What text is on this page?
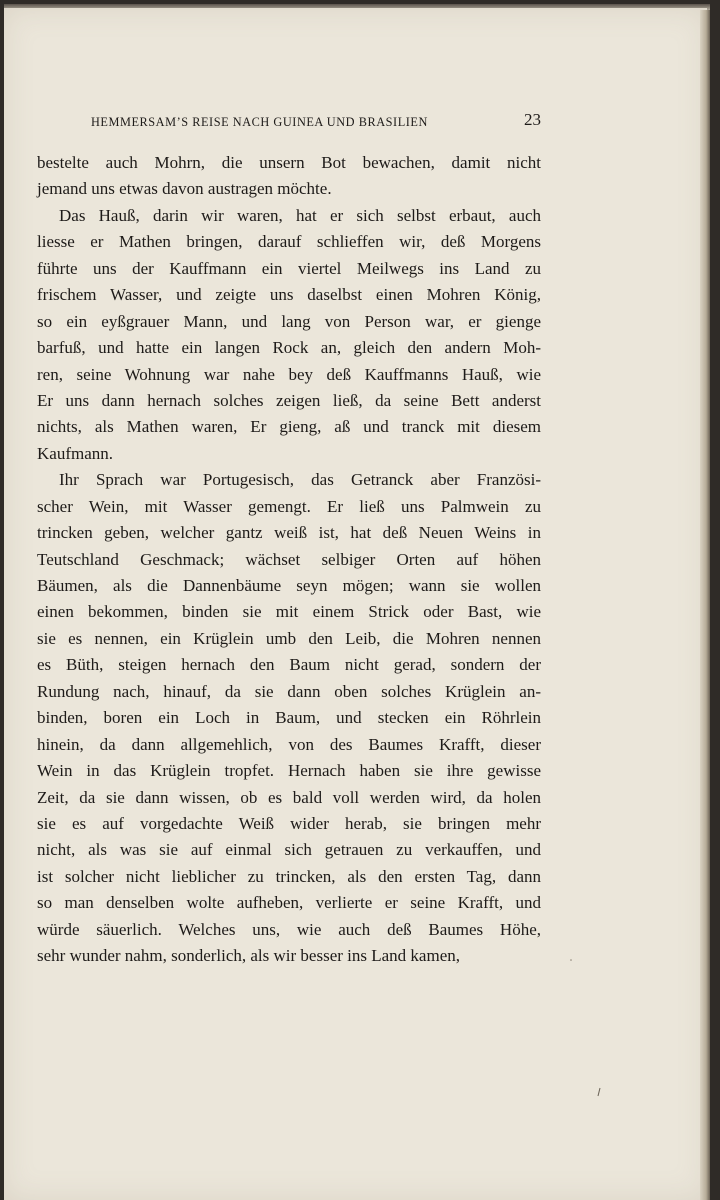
HEMMERSAM’S REISE NACH GUINEA UND BRASILIEN	23
bestelte auch Mohrn, die unsern Bot bewachen, damit nicht
jemand uns etwas davon austragen möchte.
Das Hauß, darin wir waren, hat er sich selbst erbaut, auch
liesse er Mathen bringen, darauf schlieffen wir, deß Morgens
führte uns der Kauffmann ein viertel Meilwegs ins Land zu
frischem Wasser, und zeigte uns daselbst einen Mohren König,
so ein eyßgrauer Mann, und lang von Person war, er gienge
barfuß, und hatte ein langen Rock an, gleich den andern Moh-
ren, seine Wohnung war nahe bey deß Kauffmanns Hauß, wie
Er uns dann hernach solches zeigen ließ, da seine Bett anderst
nichts, als Mathen waren, Er gieng, aß und tranck mit diesem
Kaufmann.
Ihr Sprach war Portugesisch, das Getranck aber Französi-
scher Wein, mit Wasser gemengt. Er ließ uns Palmwein zu
trincken geben, welcher gantz weiß ist, hat deß Neuen Weins in
Teutschland Geschmack; wächset selbiger Orten auf höhen
Bäumen, als die Dannenbäume seyn mögen; wann sie wollen
einen bekommen, binden sie mit einem Strick oder Bast, wie
sie es nennen, ein Krüglein umb den Leib, die Mohren nennen
es Büth, steigen hernach den Baum nicht gerad, sondern der
Rundung nach, hinauf, da sie dann oben solches Krüglein an-
binden, boren ein Loch in Baum, und stecken ein Röhrlein
hinein, da dann allgemehlich, von des Baumes Krafft, dieser
Wein in das Krüglein tropfet. Hernach haben sie ihre gewisse
Zeit, da sie dann wissen, ob es bald voll werden wird, da holen
sie es auf vorgedachte Weiß wider herab, sie bringen mehr
nicht, als was sie auf einmal sich getrauen zu verkauffen, und
ist solcher nicht lieblicher zu trincken, als den ersten Tag, dann
so man denselben wolte aufheben, verlierte er seine Krafft, und
würde säuerlich. Welches uns, wie auch deß Baumes Höhe,
sehr wunder nahm, sonderlich, als wir besser ins Land kamen,
